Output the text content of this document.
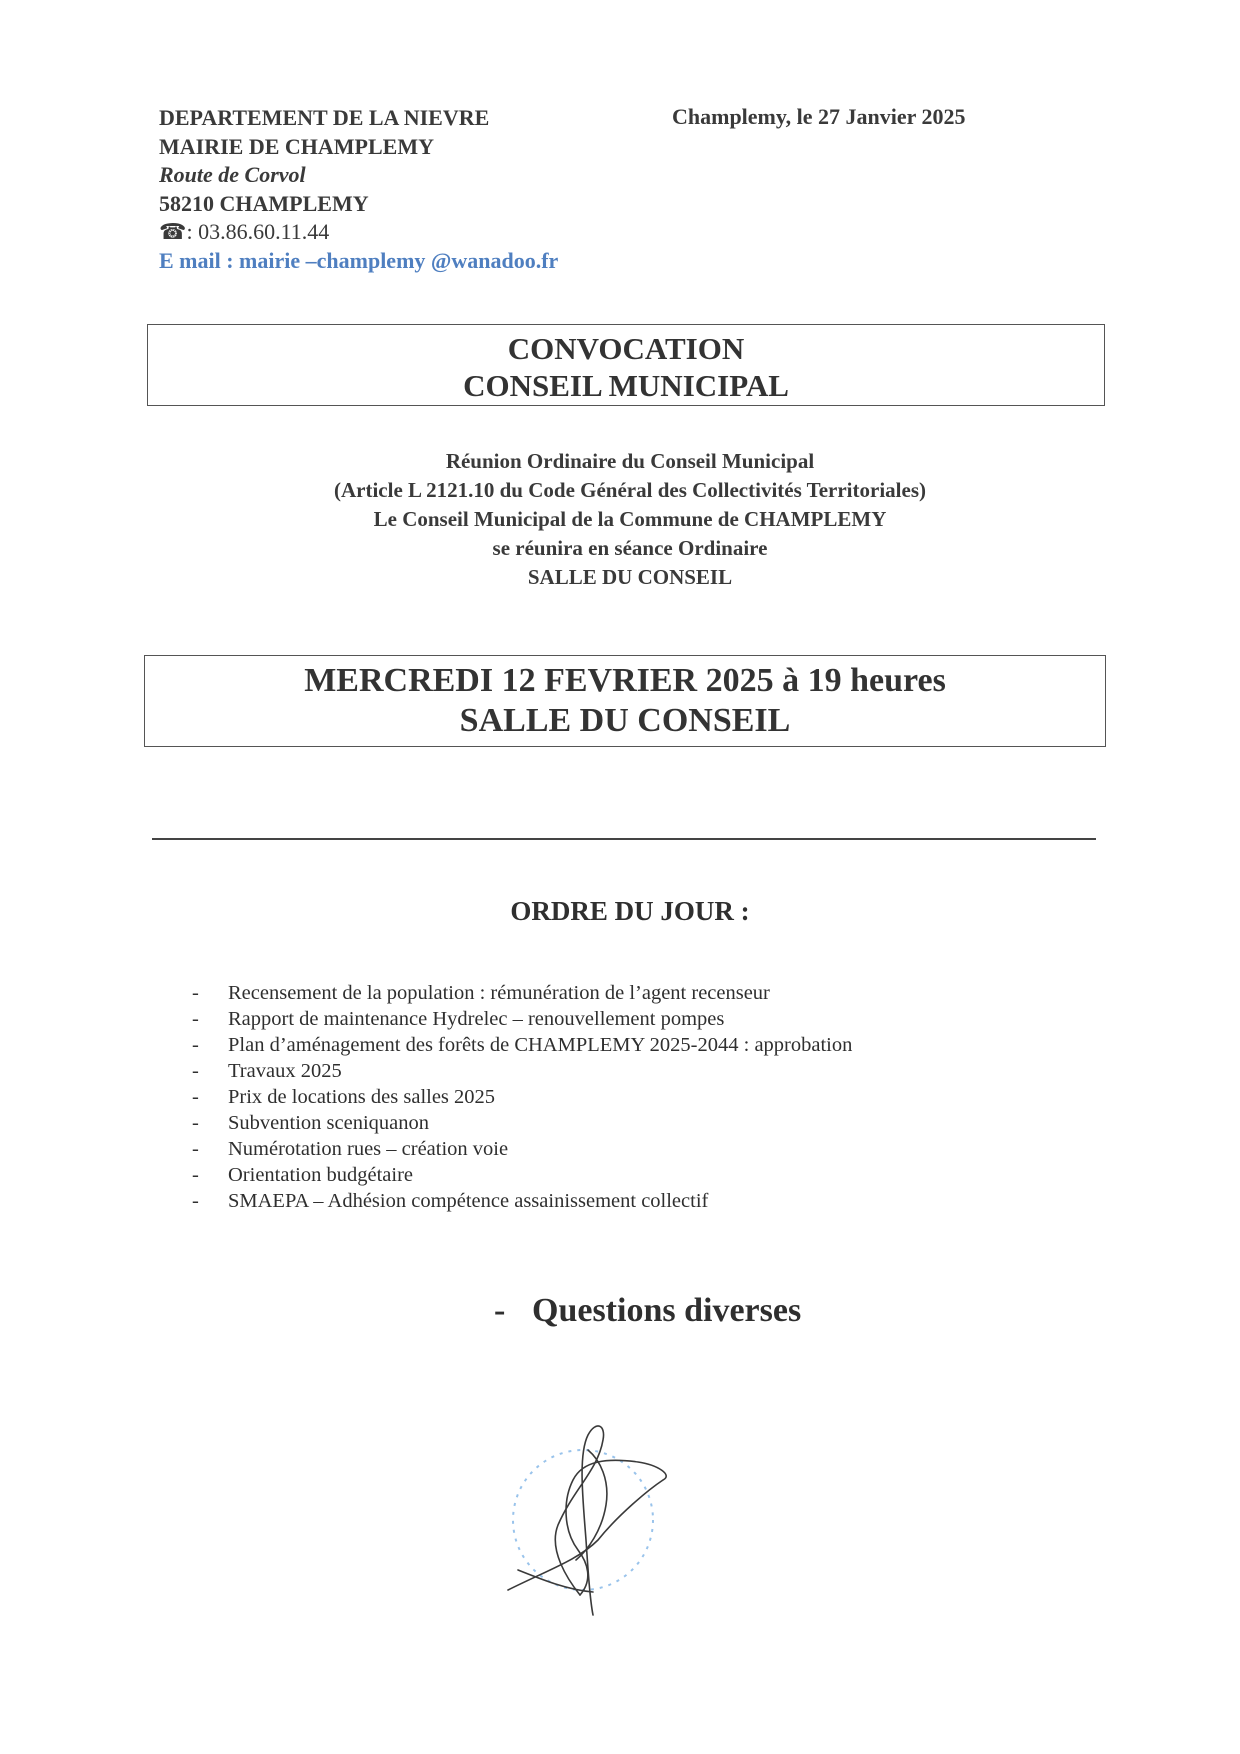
DEPARTEMENT DE LA NIEVRE
MAIRIE DE CHAMPLEMY
Route de Corvol
58210 CHAMPLEMY
☎ : 03.86.60.11.44
E mail : mairie –champlemy @wanadoo.fr
Champlemy, le 27 Janvier 2025
CONVOCATION
CONSEIL MUNICIPAL
Réunion Ordinaire du Conseil Municipal
(Article L 2121.10 du Code Général des Collectivités Territoriales)
Le Conseil Municipal de la Commune de CHAMPLEMY
se réunira en séance Ordinaire
SALLE DU CONSEIL
MERCREDI 12 FEVRIER 2025 à 19 heures
SALLE DU CONSEIL
ORDRE DU JOUR :
- Recensement de la population : rémunération de l’agent recenseur
- Rapport de maintenance Hydrelec – renouvellement pompes
- Plan d’aménagement des forêts de CHAMPLEMY 2025-2044 : approbation
- Travaux 2025
- Prix de locations des salles 2025
- Subvention sceniquanon
- Numérotation rues – création voie
- Orientation budgétaire
- SMAEPA – Adhésion compétence assainissement collectif
- Questions diverses
